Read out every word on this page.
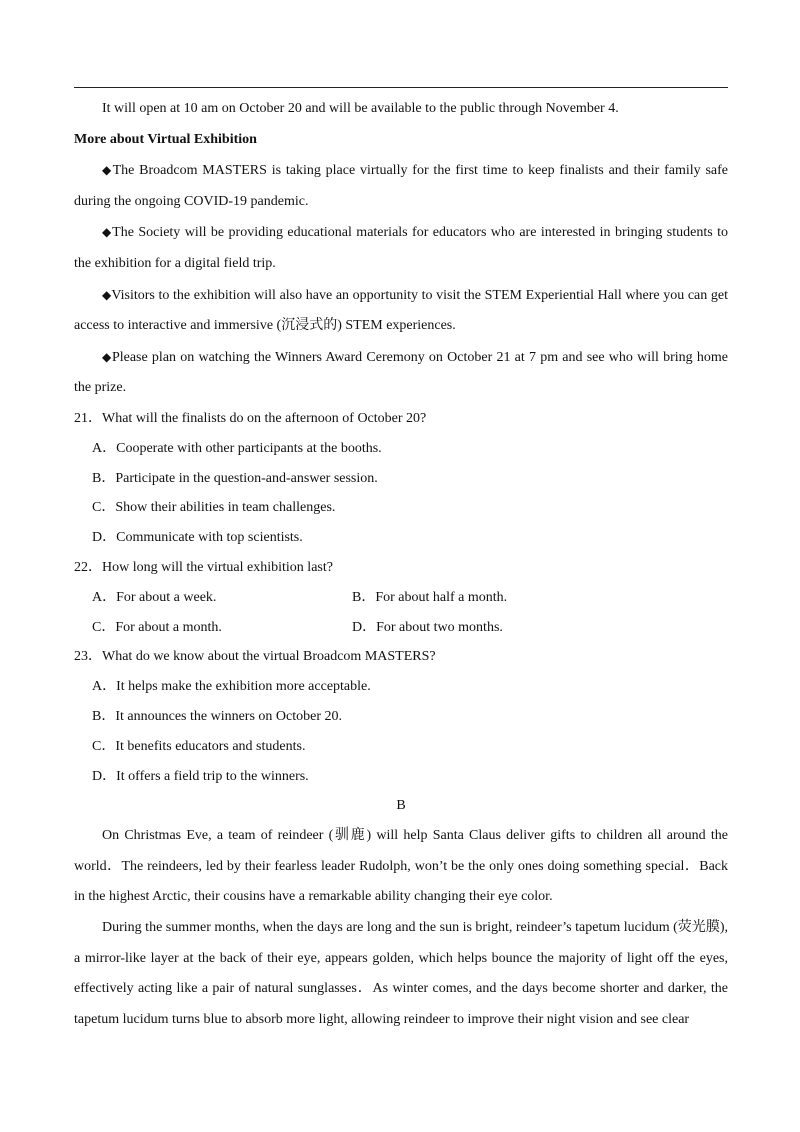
It will open at 10 am on October 20 and will be available to the public through November 4.

More about Virtual Exhibition

◆The Broadcom MASTERS is taking place virtually for the first time to keep finalists and their family safe during the ongoing COVID-19 pandemic.

◆The Society will be providing educational materials for educators who are interested in bringing students to the exhibition for a digital field trip.

◆Visitors to the exhibition will also have an opportunity to visit the STEM Experiential Hall where you can get access to interactive and immersive (沉浸式的) STEM experiences.

◆Please plan on watching the Winners Award Ceremony on October 21 at 7 pm and see who will bring home the prize.

21．What will the finalists do on the afternoon of October 20?

A．Cooperate with other participants at the booths.

B．Participate in the question-and-answer session.

C．Show their abilities in team challenges.

D．Communicate with top scientists.

22．How long will the virtual exhibition last?

A．For about a week.	B．For about half a month.
C．For about a month.	D．For about two months.

23．What do we know about the virtual Broadcom MASTERS?

A．It helps make the exhibition more acceptable.

B．It announces the winners on October 20.

C．It benefits educators and students.

D．It offers a field trip to the winners.

B

On Christmas Eve, a team of reindeer (驯鹿) will help Santa Claus deliver gifts to children all around the world．The reindeers, led by their fearless leader Rudolph, won’t be the only ones doing something special．Back in the highest Arctic, their cousins have a remarkable ability changing their eye color.

During the summer months, when the days are long and the sun is bright, reindeer’s tapetum lucidum (荧光膜), a mirror-like layer at the back of their eye, appears golden, which helps bounce the majority of light off the eyes, effectively acting like a pair of natural sunglasses．As winter comes, and the days become shorter and darker, the tapetum lucidum turns blue to absorb more light, allowing reindeer to improve their night vision and see clear
